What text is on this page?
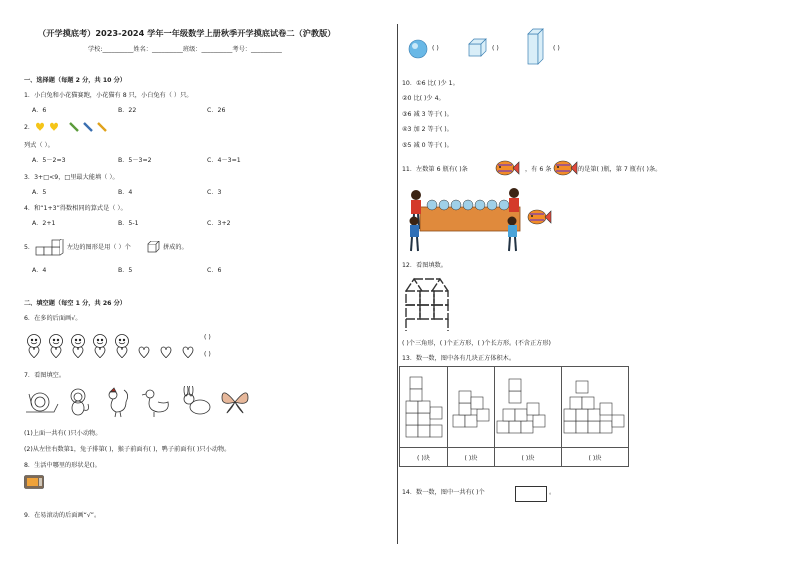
（开学摸底考）2023-2024 学年一年级数学上册秋季开学摸底试卷二（沪教版）
学校:__________姓名：__________班级：__________考号：__________
一、选择题（每题 2 分，共 10 分）
1．小白兔和小花猫赛跑，小花猫有 8 只，小白兔有（ ）只。
A．6	B．22	C．26
2．
列式（ ）。
A．5－2=3	B．5－3=2	C．4－3=1
3．3+□<9，□里最大能填（ ）。
A．5	B．4	C．3
4．和“1+3”得数相同的算式是（ ）。
A．2+1	B．5-1	C．3+2
5．	左边的图形是用（ ）个	拼成的。
A．4	B．5	C．6
二、填空题（每空 1 分，共 26 分）
6．在多的后面画√。
( )
( )
7．看图填空。
(1)上面一共有( )只小动物。
(2)从左往右数第1，兔子排第( )，猴子前面有( )，鸭子前面有( )只小动物。
8．生活中哪里的形状是()。
9．在易滚动的后面画“√”。
( )	( )	( )
10．①6 比( )少 1。
②0 比( )少 4。
③6 减 3 等于( )。
④3 加 2 等于( )。
⑤5 减 0 等于( )。
11．左数第 6 瓶有( )条	，有 6 条	的是第( )瓶，第 7 瓶有( )条。
12．看图填数。
( )个三角形，( )个正方形，( )个长方形。(不含正方形)
13．数一数，图中各有几块正方体积木。

( )块	( )块	( )块	( )块
14．数一数，图中一共有( )个	。
